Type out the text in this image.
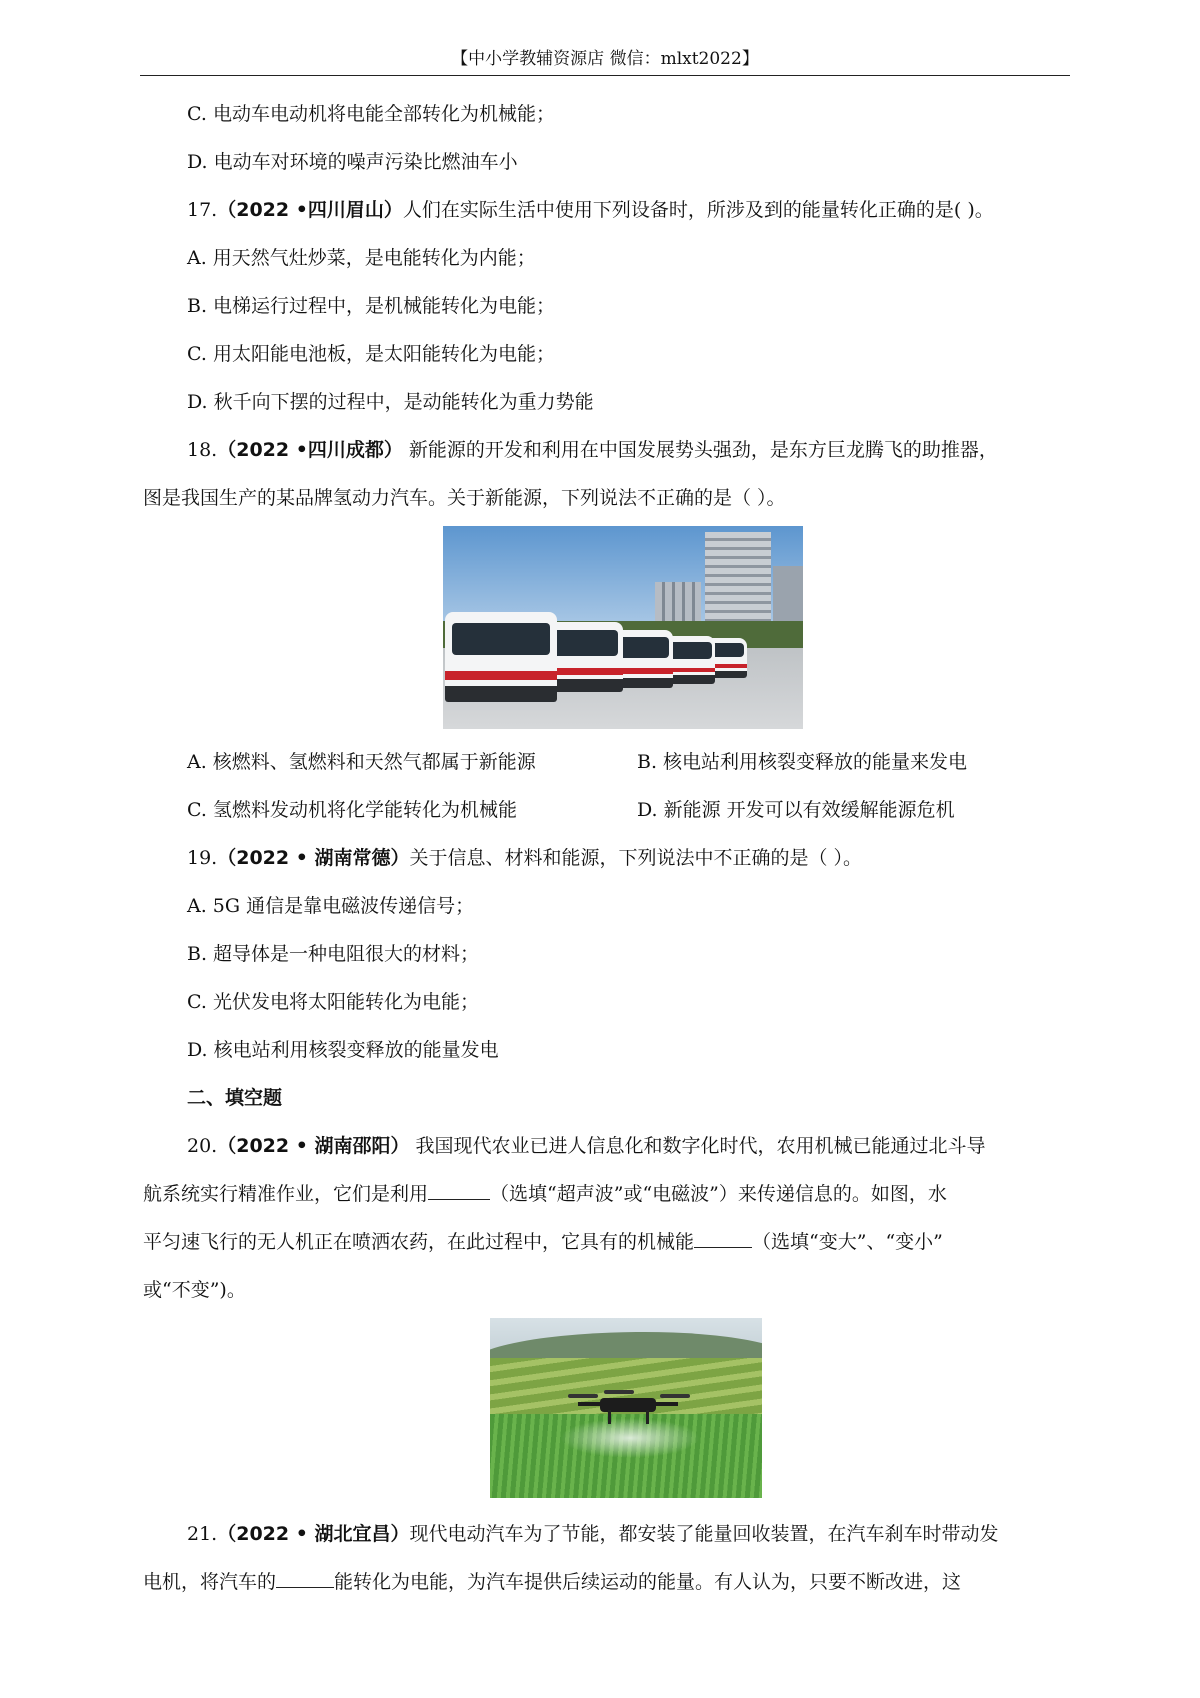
【中小学教辅资源店 微信：mlxt2022】
C. 电动车电动机将电能全部转化为机械能；
D. 电动车对环境的噪声污染比燃油车小
17.（2022 •四川眉山）人们在实际生活中使用下列设备时，所涉及到的能量转化正确的是( )。
A. 用天然气灶炒菜，是电能转化为内能；
B. 电梯运行过程中，是机械能转化为电能；
C. 用太阳能电池板，是太阳能转化为电能；
D. 秋千向下摆的过程中，是动能转化为重力势能
18.（2022 •四川成都） 新能源的开发和利用在中国发展势头强劲，是东方巨龙腾飞的助推器，
图是我国生产的某品牌氢动力汽车。关于新能源，下列说法不正确的是（ ）。
A. 核燃料、氢燃料和天然气都属于新能源	B. 核电站利用核裂变释放的能量来发电
C. 氢燃料发动机将化学能转化为机械能	D. 新能源 开发可以有效缓解能源危机
19.（2022 • 湖南常德）关于信息、材料和能源，下列说法中不正确的是（ ）。
A. 5G 通信是靠电磁波传递信号；
B. 超导体是一种电阻很大的材料；
C. 光伏发电将太阳能转化为电能；
D. 核电站利用核裂变释放的能量发电
二、填空题
20.（2022 • 湖南邵阳） 我国现代农业已进人信息化和数字化时代，农用机械已能通过北斗导
航系统实行精准作业，它们是利用	（选填“超声波”或“电磁波”）来传递信息的。如图，水
平匀速飞行的无人机正在喷洒农药，在此过程中，它具有的机械能	（选填“变大”、“变小”
或“不变”)。
21.（2022 • 湖北宜昌）现代电动汽车为了节能，都安装了能量回收装置，在汽车刹车时带动发
电机，将汽车的	能转化为电能，为汽车提供后续运动的能量。有人认为，只要不断改进，这
